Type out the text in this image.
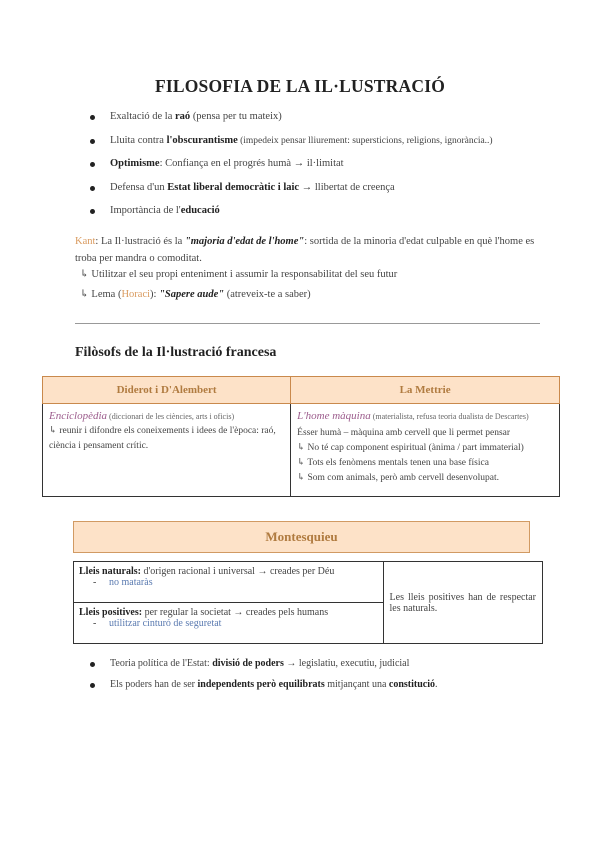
FILOSOFIA DE LA IL·LUSTRACIÓ
Exaltació de la raó (pensa per tu mateix)
Lluita contra l'obscurantisme (impedeix pensar lliurement: supersticions, religions, ignorància..)
Optimisme: Confiança en el progrés humà → il·limitat
Defensa d'un Estat liberal democràtic i laic → llibertat de creença
Importància de l'educació
Kant: La Il·lustració és la "majoria d'edat de l'home": sortida de la minoria d'edat culpable en què l'home es troba per mandra o comoditat.
↳ Utilitzar el seu propi enteniment i assumir la responsabilitat del seu futur
↳ Lema (Horaci): "Sapere aude" (atreveix-te a saber)
Filòsofs de la Il·lustració francesa
Diderot i D'Alembert	La Mettrie

Enciclopèdia (diccionari de les ciències, arts i oficis)
↳ reunir i difondre els coneixements i idees de l'època: raó, ciència i pensament crític.

L'home màquina (materialista, refusa teoria dualista de Descartes)
Ésser humà – màquina amb cervell que li permet pensar
↳ No té cap component espiritual (ànima / part immaterial)
↳ Tots els fenòmens mentals tenen una base física
↳ Som com animals, però amb cervell desenvolupat.
Montesquieu
Lleis naturals: d'origen racional i universal → creades per Déu
- no mataràs
	Les lleis positives han de respectar les naturals.

Lleis positives: per regular la societat → creades pels humans
- utilitzar cinturó de seguretat
Teoria política de l'Estat: divisió de poders → legislatiu, executiu, judicial
Els poders han de ser independents però equilibrats mitjançant una constitució.
